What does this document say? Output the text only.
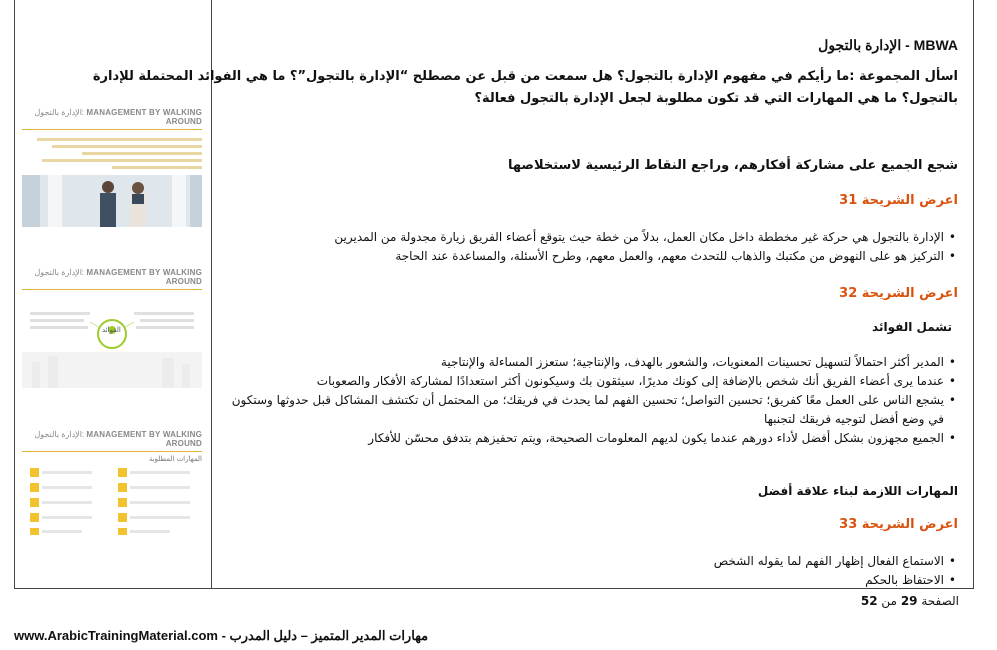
الإدارة بالتجول: MANAGEMENT BY WALKING AROUND
الإدارة بالتجول: MANAGEMENT BY WALKING AROUND
الفوائد
الإدارة بالتجول: MANAGEMENT BY WALKING AROUND
المهارات المطلوبة
MBWA - الإدارة بالتجول
اسأل المجموعة :ما رأيكم في مفهوم الإدارة بالتجول؟ هل سمعت من قبل عن مصطلح “الإدارة بالتجول”؟ ما هي الفوائد المحتملة للإدارة
بالتجول؟ ما هي المهارات التي قد تكون مطلوبة لجعل الإدارة بالتجول فعالة؟
شجع الجميع على مشاركة أفكارهم، وراجع النقاط الرئيسية لاستخلاصها
اعرض الشريحة 31
• الإدارة بالتجول هي حركة غير مخططة داخل مكان العمل، بدلاً من خطة حيث يتوقع أعضاء الفريق زيارة مجدولة من المديرين
• التركيز هو على النهوض من مكتبك والذهاب للتحدث معهم، والعمل معهم، وطرح الأسئلة، والمساعدة عند الحاجة
اعرض الشريحة 32
تشمل الفوائد
• المدير أكثر احتمالاً لتسهيل تحسينات المعنويات، والشعور بالهدف، والإنتاجية؛ ستعزز المساءلة والإنتاجية
• عندما يرى أعضاء الفريق أنك شخص بالإضافة إلى كونك مديرًا، سيثقون بك وسيكونون أكثر استعدادًا لمشاركة الأفكار والصعوبات
• يشجع الناس على العمل معًا كفريق؛ تحسين التواصل؛ تحسين الفهم لما يحدث في فريقك؛ من المحتمل أن تكتشف المشاكل قبل حدوثها وستكون في وضع أفضل لتوجيه فريقك لتجنبها
• الجميع مجهزون بشكل أفضل لأداء دورهم عندما يكون لديهم المعلومات الصحيحة، ويتم تحفيزهم بتدفق محسّن للأفكار
المهارات اللازمة لبناء علاقة أفضل
اعرض الشريحة 33
• الاستماع الفعال إظهار الفهم لما يقوله الشخص
• الاحتفاظ بالحكم
الصفحة 29 من 52
www.ArabicTrainingMaterial.com - مهارات المدير المتميز – دليل المدرب
